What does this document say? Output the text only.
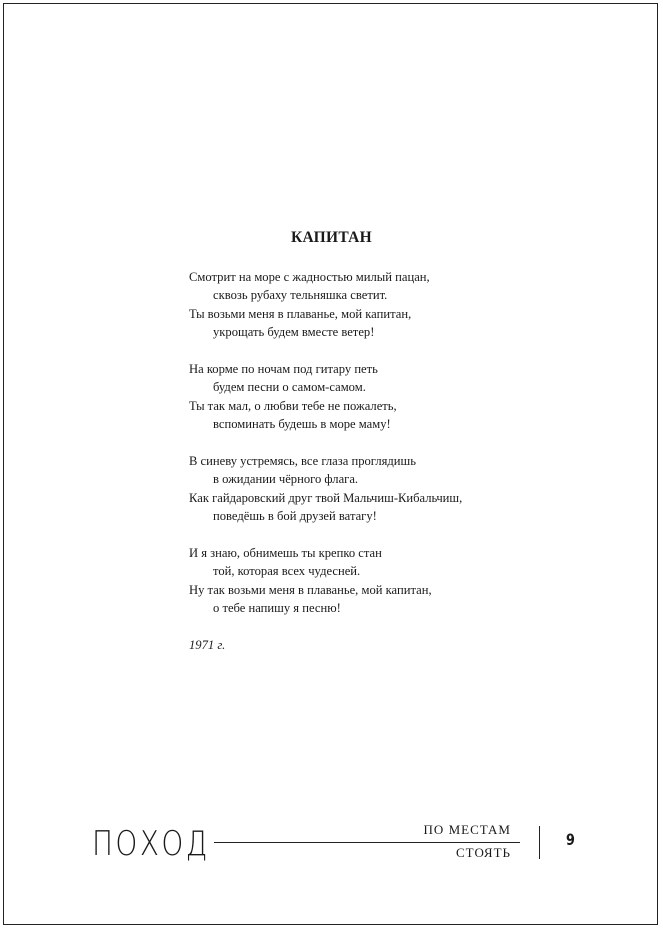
КАПИТАН
Смотрит на море с жадностью милый пацан,
сквозь рубаху тельняшка светит.
Ты возьми меня в плаванье, мой капитан,
укрощать будем вместе ветер!
На корме по ночам под гитару петь
будем песни о самом-самом.
Ты так мал, о любви тебе не пожалеть,
вспоминать будешь в море маму!
В синеву устремясь, все глаза проглядишь
в ожидании чёрного флага.
Как гайдаровский друг твой Мальчиш-Кибальчиш,
поведёшь в бой друзей ватагу!
И я знаю, обнимешь ты крепко стан
той, которая всех чудесней.
Ну так возьми меня в плаванье, мой капитан,
о тебе напишу я песню!
1971 г.
ПОХОД	ПО МЕСТАМ
СТОЯТЬ
9
